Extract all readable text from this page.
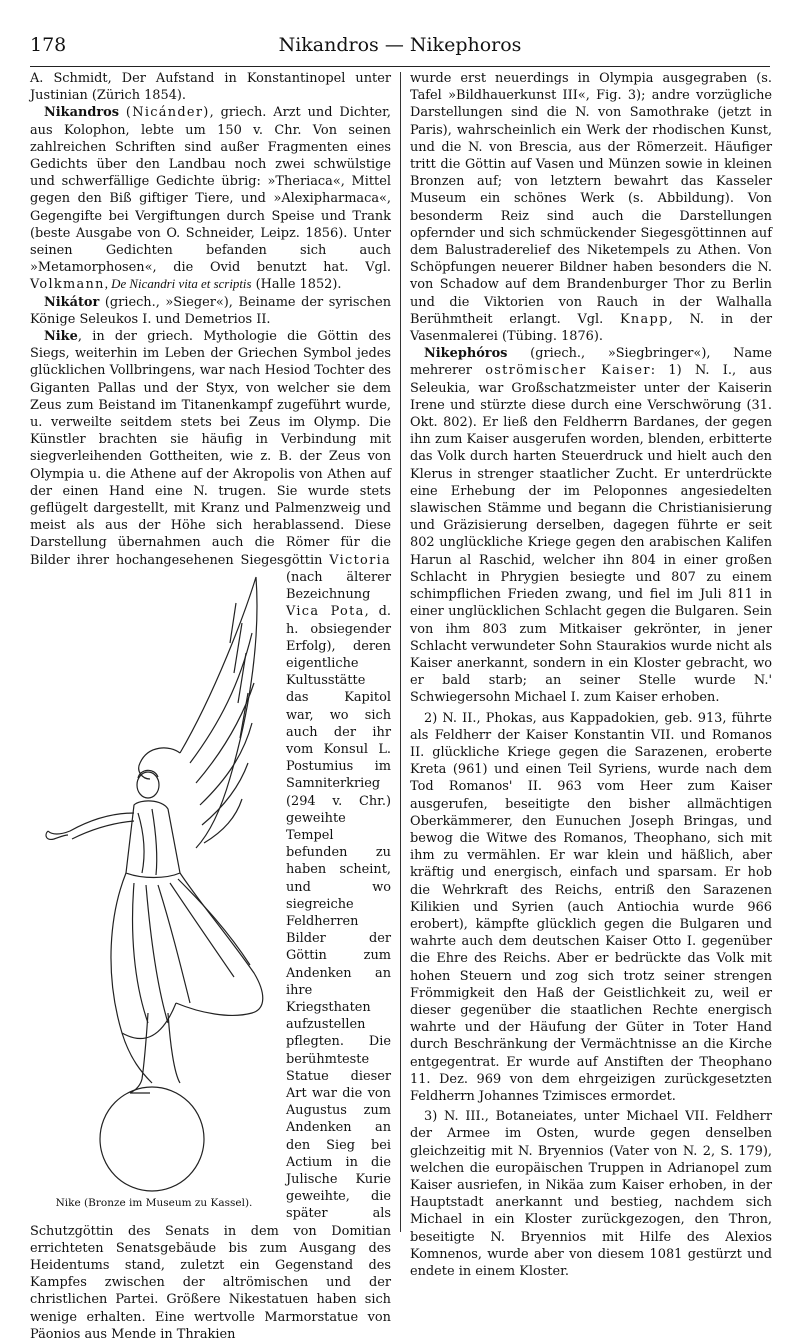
178	Nikandros — Nikephoros

A. Schmidt, Der Aufstand in Konstantinopel unter Justinian (Zürich 1854).

Nikandros (Nicánder), griech. Arzt und Dichter, aus Kolophon, lebte um 150 v. Chr. Von seinen zahlreichen Schriften sind außer Fragmenten eines Gedichts über den Landbau noch zwei schwülstige und schwerfällige Gedichte übrig: »Theriaca«, Mittel gegen den Biß giftiger Tiere, und »Alexipharmaca«, Gegengifte bei Vergiftungen durch Speise und Trank (beste Ausgabe von O. Schneider, Leipz. 1856). Unter seinen Gedichten befanden sich auch »Metamorphosen«, die Ovid benutzt hat. Vgl. Volkmann, De Nicandri vita et scriptis (Halle 1852).

Nikátor (griech., »Sieger«), Beiname der syrischen Könige Seleukos I. und Demetrios II.

Nike, in der griech. Mythologie die Göttin des Siegs, weiterhin im Leben der Griechen Symbol jedes glücklichen Vollbringens, war nach Hesiod Tochter des Giganten Pallas und der Styx, von welcher sie dem Zeus zum Beistand im Titanenkampf zugeführt wurde, u. verweilte seitdem stets bei Zeus im Olymp. Die Künstler brachten sie häufig in Verbindung mit siegverleihenden Gottheiten, wie z. B. der Zeus von Olympia u. die Athene auf der Akropolis von Athen auf der einen Hand eine N. trugen. Sie wurde stets geflügelt dargestellt, mit Kranz und Palmenzweig und meist als aus der Höhe sich herablassend. Diese Darstellung übernahmen auch die Römer für die Bilder ihrer hochangesehenen Siegesgöttin
Nike (Bronze im Museum zu Kassel).
Victoria (nach älterer Bezeichnung Vica Pota, d. h. obsiegender Erfolg), deren eigentliche Kultusstätte das Kapitol war, wo sich auch der ihr vom Konsul L. Postumius im Samniterkrieg (294 v. Chr.) geweihte Tempel befunden zu haben scheint, und wo siegreiche Feldherren Bilder der Göttin zum Andenken an ihre Kriegsthaten aufzustellen pflegten. Die berühmteste Statue dieser Art war die von Augustus zum Andenken an den Sieg bei Actium in die Julische Kurie geweihte, die später als Schutzgöttin des Senats in dem von Domitian errichteten Senatsgebäude bis zum Ausgang des Heidentums stand, zuletzt ein Gegenstand des Kampfes zwischen der altrömischen und der christlichen Partei. Größere Nikestatuen haben sich wenige erhalten. Eine wertvolle Marmorstatue von Päonios aus Mende in Thrakien

wurde erst neuerdings in Olympia ausgegraben (s. Tafel »Bildhauerkunst III«, Fig. 3); andre vorzügliche Darstellungen sind die N. von Samothrake (jetzt in Paris), wahrscheinlich ein Werk der rhodischen Kunst, und die N. von Brescia, aus der Römerzeit. Häufiger tritt die Göttin auf Vasen und Münzen sowie in kleinen Bronzen auf; von letztern bewahrt das Kasseler Museum ein schönes Werk (s. Abbildung). Von besonderm Reiz sind auch die Darstellungen opfernder und sich schmückender Siegesgöttinnen auf dem Balustraderelief des Niketempels zu Athen. Von Schöpfungen neuerer Bildner haben besonders die N. von Schadow auf dem Brandenburger Thor zu Berlin und die Viktorien von Rauch in der Walhalla Berühmtheit erlangt. Vgl. Knapp, N. in der Vasenmalerei (Tübing. 1876).

Nikephóros (griech., »Siegbringer«), Name mehrerer oströmischer Kaiser: 1) N. I., aus Seleukia, war Großschatzmeister unter der Kaiserin Irene und stürzte diese durch eine Verschwörung (31. Okt. 802). Er ließ den Feldherrn Bardanes, der gegen ihn zum Kaiser ausgerufen worden, blenden, erbitterte das Volk durch harten Steuerdruck und hielt auch den Klerus in strenger staatlicher Zucht. Er unterdrückte eine Erhebung der im Peloponnes angesiedelten slawischen Stämme und begann die Christianisierung und Gräzisierung derselben, dagegen führte er seit 802 unglückliche Kriege gegen den arabischen Kalifen Harun al Raschid, welcher ihn 804 in einer großen Schlacht in Phrygien besiegte und 807 zu einem schimpflichen Frieden zwang, und fiel im Juli 811 in einer unglücklichen Schlacht gegen die Bulgaren. Sein von ihm 803 zum Mitkaiser gekrönter, in jener Schlacht verwundeter Sohn Staurakios wurde nicht als Kaiser anerkannt, sondern in ein Kloster gebracht, wo er bald starb; an seiner Stelle wurde N.' Schwiegersohn Michael I. zum Kaiser erhoben.

2) N. II., Phokas, aus Kappadokien, geb. 913, führte als Feldherr der Kaiser Konstantin VII. und Romanos II. glückliche Kriege gegen die Sarazenen, eroberte Kreta (961) und einen Teil Syriens, wurde nach dem Tod Romanos' II. 963 vom Heer zum Kaiser ausgerufen, beseitigte den bisher allmächtigen Oberkämmerer, den Eunuchen Joseph Bringas, und bewog die Witwe des Romanos, Theophano, sich mit ihm zu vermählen. Er war klein und häßlich, aber kräftig und energisch, einfach und sparsam. Er hob die Wehrkraft des Reichs, entriß den Sarazenen Kilikien und Syrien (auch Antiochia wurde 966 erobert), kämpfte glücklich gegen die Bulgaren und wahrte auch dem deutschen Kaiser Otto I. gegenüber die Ehre des Reichs. Aber er bedrückte das Volk mit hohen Steuern und zog sich trotz seiner strengen Frömmigkeit den Haß der Geistlichkeit zu, weil er dieser gegenüber die staatlichen Rechte energisch wahrte und der Häufung der Güter in Toter Hand durch Beschränkung der Vermächtnisse an die Kirche entgegentrat. Er wurde auf Anstiften der Theophano 11. Dez. 969 von dem ehrgeizigen zurückgesetzten Feldherrn Johannes Tzimisces ermordet.

3) N. III., Botaneiates, unter Michael VII. Feldherr der Armee im Osten, wurde gegen denselben gleichzeitig mit N. Bryennios (Vater von N. 2, S. 179), welchen die europäischen Truppen in Adrianopel zum Kaiser ausriefen, in Nikäa zum Kaiser erhoben, in der Hauptstadt anerkannt und bestieg, nachdem sich Michael in ein Kloster zurückgezogen, den Thron, beseitigte N. Bryennios mit Hilfe des Alexios Komnenos, wurde aber von diesem 1081 gestürzt und endete in einem Kloster.
